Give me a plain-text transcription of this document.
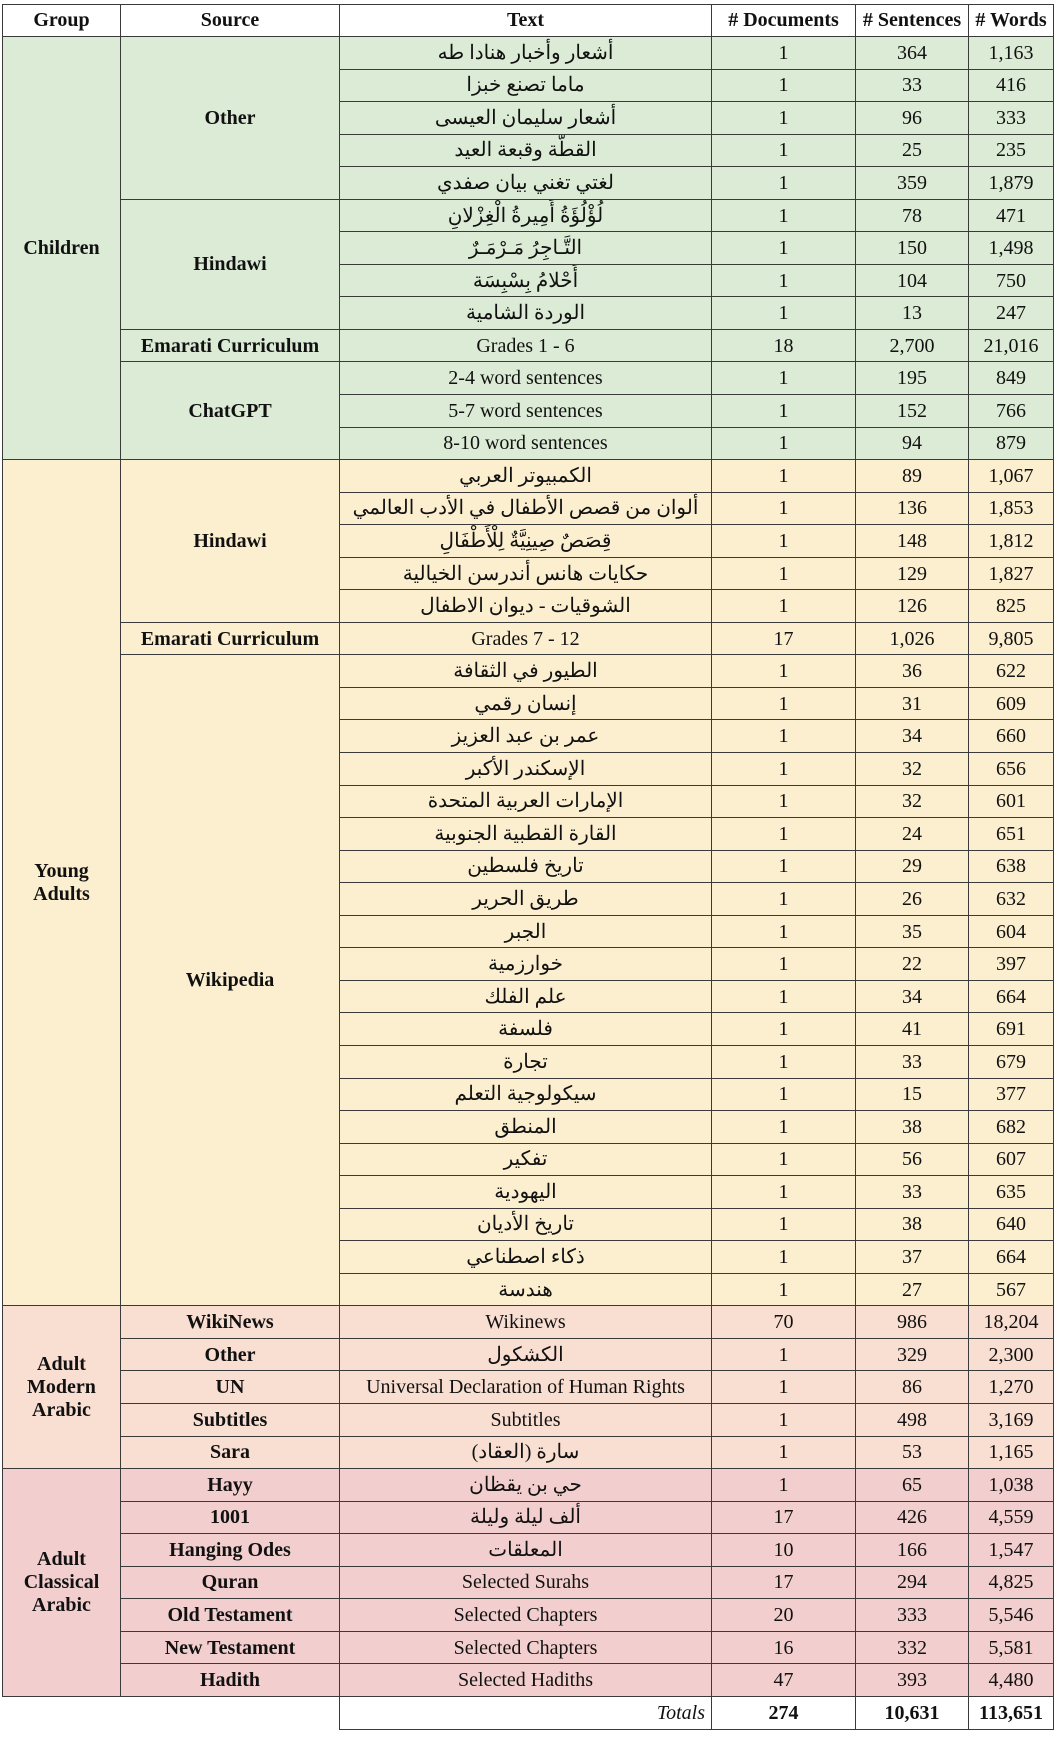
Group	Source	Text	# Documents	# Sentences	# Words
Children	Other	أشعار وأخبار هنادا طه	1	364	1,163
		ماما تصنع خبزا	1	33	416
		أشعار سليمان العيسى	1	96	333
		القطّة وقبعة العيد	1	25	235
		لغتي تغني بيان صفدي	1	359	1,879
	Hindawi	لُؤْلُؤَةُ أَمِيرةُ الْغِزْلانِ	1	78	471
		التَّـاجِرُ مَـرْمَـرٌ	1	150	1,498
		أَحْلامُ بِسْبِسَة	1	104	750
		الوردة الشامية	1	13	247
	Emarati Curriculum	Grades 1 - 6	18	2,700	21,016
	ChatGPT	2-4 word sentences	1	195	849
		5-7 word sentences	1	152	766
		8-10 word sentences	1	94	879

Young Adults	Hindawi	الكمبيوتر العربي	1	89	1,067
		ألوان من قصص الأطفال في الأدب العالمي	1	136	1,853
		قِصَصٌ صِينِيَّةٌ لِلْأَطْفَالِ	1	148	1,812
		حكايات هانس أندرسن الخيالية	1	129	1,827
		الشوقيات - ديوان الاطفال	1	126	825
	Emarati Curriculum	Grades 7 - 12	17	1,026	9,805
	Wikipedia	الطيور في الثقافة	1	36	622
		إنسان رقمي	1	31	609
		عمر بن عبد العزيز	1	34	660
		الإسكندر الأكبر	1	32	656
		الإمارات العربية المتحدة	1	32	601
		القارة القطبية الجنوبية	1	24	651
		تاريخ فلسطين	1	29	638
		طريق الحرير	1	26	632
		الجبر	1	35	604
		خوارزمية	1	22	397
		علم الفلك	1	34	664
		فلسفة	1	41	691
		تجارة	1	33	679
		سيكولوجية التعلم	1	15	377
		المنطق	1	38	682
		تفكير	1	56	607
		اليهودية	1	33	635
		تاريخ الأديان	1	38	640
		ذكاء اصطناعي	1	37	664
		هندسة	1	27	567

Adult Modern Arabic	WikiNews	Wikinews	70	986	18,204
	Other	الكشكول	1	329	2,300
	UN	Universal Declaration of Human Rights	1	86	1,270
	Subtitles	Subtitles	1	498	3,169
	Sara	سارة (العقاد)	1	53	1,165

Adult Classical Arabic	Hayy	حي بن يقظان	1	65	1,038
	1001	ألف ليلة وليلة	17	426	4,559
	Hanging Odes	المعلقات	10	166	1,547
	Quran	Selected Surahs	17	294	4,825
	Old Testament	Selected Chapters	20	333	5,546
	New Testament	Selected Chapters	16	332	5,581
	Hadith	Selected Hadiths	47	393	4,480
		Totals	274	10,631	113,651
